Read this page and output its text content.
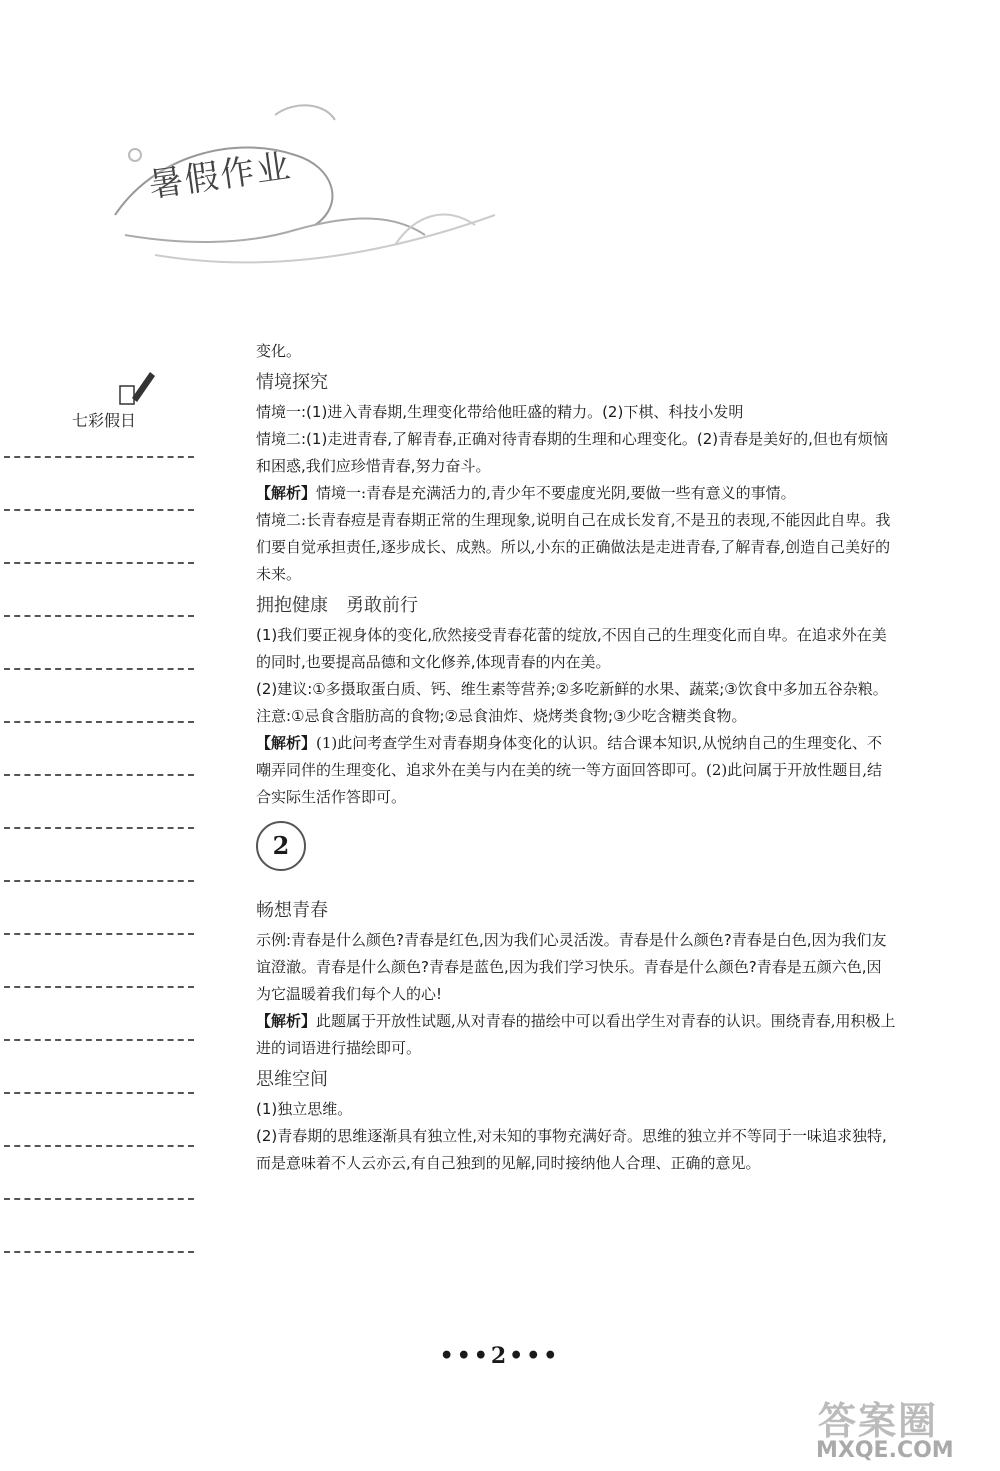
暑假作业
七彩假日

变化。

情境探究

情境一:(1)进入青春期,生理变化带给他旺盛的精力。(2)下棋、科技小发明

情境二:(1)走进青春,了解青春,正确对待青春期的生理和心理变化。(2)青春是美好的,但也有烦恼和困惑,我们应珍惜青春,努力奋斗。

【解析】情境一:青春是充满活力的,青少年不要虚度光阴,要做一些有意义的事情。

情境二:长青春痘是青春期正常的生理现象,说明自己在成长发育,不是丑的表现,不能因此自卑。我们要自觉承担责任,逐步成长、成熟。所以,小东的正确做法是走进青春,了解青春,创造自己美好的未来。

拥抱健康　勇敢前行

(1)我们要正视身体的变化,欣然接受青春花蕾的绽放,不因自己的生理变化而自卑。在追求外在美的同时,也要提高品德和文化修养,体现青春的内在美。

(2)建议:①多摄取蛋白质、钙、维生素等营养;②多吃新鲜的水果、蔬菜;③饮食中多加五谷杂粮。

注意:①忌食含脂肪高的食物;②忌食油炸、烧烤类食物;③少吃含糖类食物。

【解析】(1)此问考查学生对青春期身体变化的认识。结合课本知识,从悦纳自己的生理变化、不嘲弄同伴的生理变化、追求外在美与内在美的统一等方面回答即可。(2)此问属于开放性题目,结合实际生活作答即可。

2
畅想青春

示例:青春是什么颜色?青春是红色,因为我们心灵活泼。青春是什么颜色?青春是白色,因为我们友谊澄澈。青春是什么颜色?青春是蓝色,因为我们学习快乐。青春是什么颜色?青春是五颜六色,因为它温暖着我们每个人的心!

【解析】此题属于开放性试题,从对青春的描绘中可以看出学生对青春的认识。围绕青春,用积极上进的词语进行描绘即可。

思维空间

(1)独立思维。

(2)青春期的思维逐渐具有独立性,对未知的事物充满好奇。思维的独立并不等同于一味追求独特,而是意味着不人云亦云,有自己独到的见解,同时接纳他人合理、正确的意见。

•••2•••
答案圈
MXQE.COM
